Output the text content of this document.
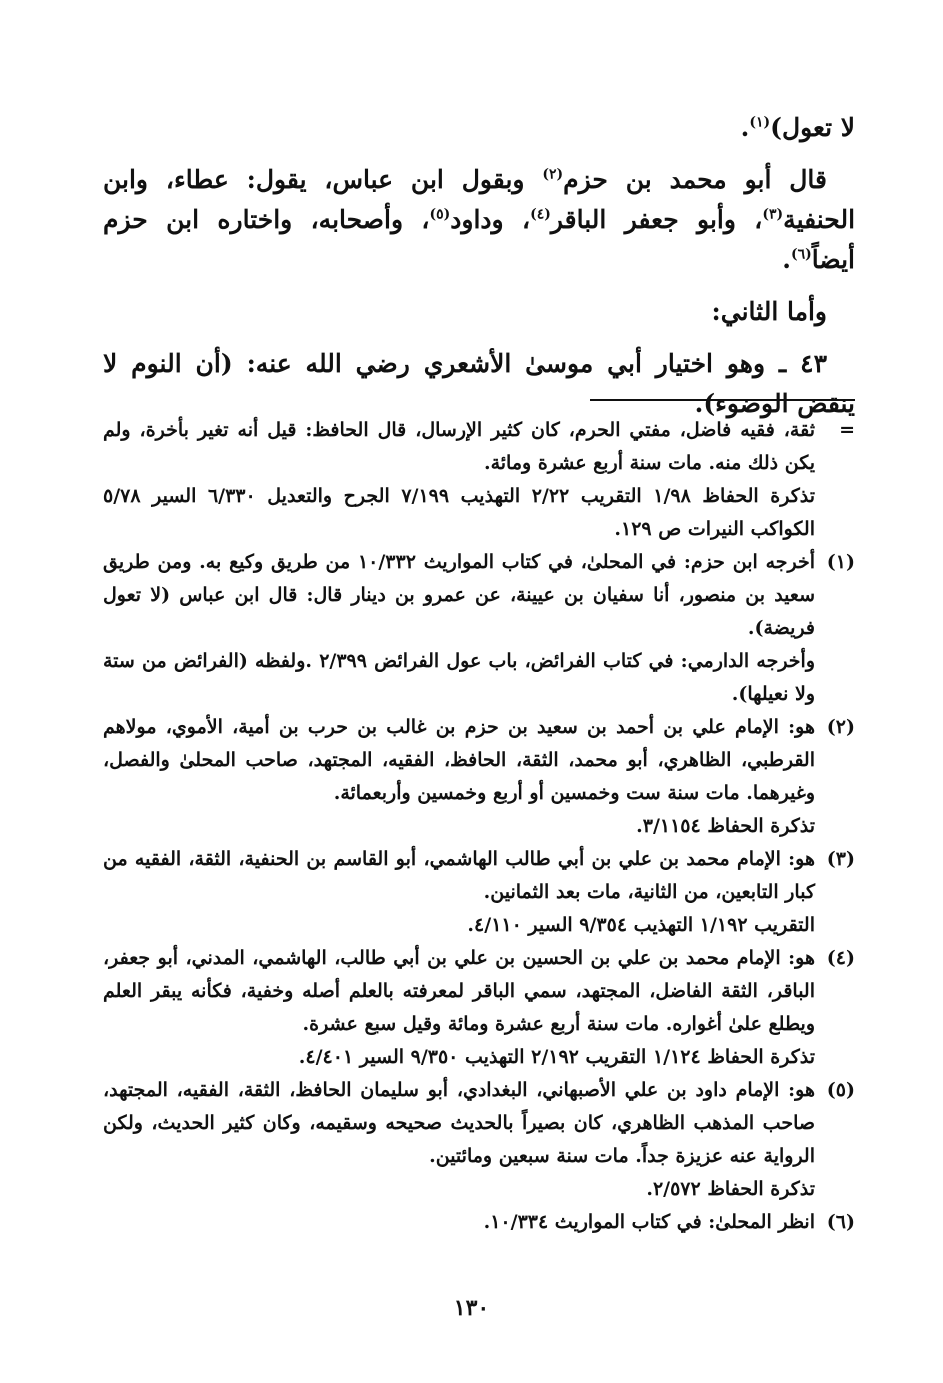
لا تعول)$^{(١)}$.

قال أبو محمد بن حزم$^{(٢)}$ وبقول ابن عباس، يقول: عطاء، وابن الحنفية$^{(٣)}$، وأبو جعفر الباقر$^{(٤)}$، وداود$^{(٥)}$، وأصحابه، واختاره ابن حزم أيضاً$^{(٦)}$.

وأما الثاني:

٤٣ ـ وهو اختيار أبي موسىٰ الأشعري رضي الله عنه: (أن النوم لا ينقض الوضوء).

=
ثقة، فقيه فاضل، مفتي الحرم، كان كثير الإرسال، قال الحافظ: قيل أنه تغير بأخرة، ولم يكن ذلك منه. مات سنة أربع عشرة ومائة.
تذكرة الحفاظ ١/٩٨ التقريب ٢/٢٢ التهذيب ٧/١٩٩ الجرح والتعديل ٦/٣٣٠ السير ٥/٧٨ الكواكب النيرات ص ١٢٩.
(١)
أخرجه ابن حزم: في المحلىٰ، في كتاب المواريث ١٠/٣٣٢ من طريق وكيع به. ومن طريق سعيد بن منصور، أنا سفيان بن عيينة، عن عمرو بن دينار قال: قال ابن عباس (لا تعول فريضة).
وأخرجه الدارمي: في كتاب الفرائض، باب عول الفرائض ٢/٣٩٩ .ولفظه (الفرائض من ستة ولا نعيلها).
(٢)
هو: الإمام علي بن أحمد بن سعيد بن حزم بن غالب بن حرب بن أمية، الأموي، مولاهم القرطبي، الظاهري، أبو محمد، الثقة، الحافظ، الفقيه، المجتهد، صاحب المحلىٰ والفصل، وغيرهما. مات سنة ست وخمسين أو أربع وخمسين وأربعمائة.
تذكرة الحفاظ ٣/١١٥٤.
(٣)
هو: الإمام محمد بن علي بن أبي طالب الهاشمي، أبو القاسم بن الحنفية، الثقة، الفقيه من كبار التابعين، من الثانية، مات بعد الثمانين.
التقريب ١/١٩٢ التهذيب ٩/٣٥٤ السير ٤/١١٠.
(٤)
هو: الإمام محمد بن علي بن الحسين بن علي بن أبي طالب، الهاشمي، المدني، أبو جعفر، الباقر، الثقة الفاضل، المجتهد، سمي الباقر لمعرفته بالعلم أصله وخفية، فكأنه يبقر العلم ويطلع علىٰ أغواره. مات سنة أربع عشرة ومائة وقيل سبع عشرة.
تذكرة الحفاظ ١/١٢٤ التقريب ٢/١٩٢ التهذيب ٩/٣٥٠ السير ٤/٤٠١.
(٥)
هو: الإمام داود بن علي الأصبهاني، البغدادي، أبو سليمان الحافظ، الثقة، الفقيه، المجتهد، صاحب المذهب الظاهري، كان بصيراً بالحديث صحيحه وسقيمه، وكان كثير الحديث، ولكن الرواية عنه عزيزة جداً. مات سنة سبعين ومائتين.
تذكرة الحفاظ ٢/٥٧٢.
(٦)
انظر المحلىٰ: في كتاب المواريث ١٠/٣٣٤.
١٣٠
